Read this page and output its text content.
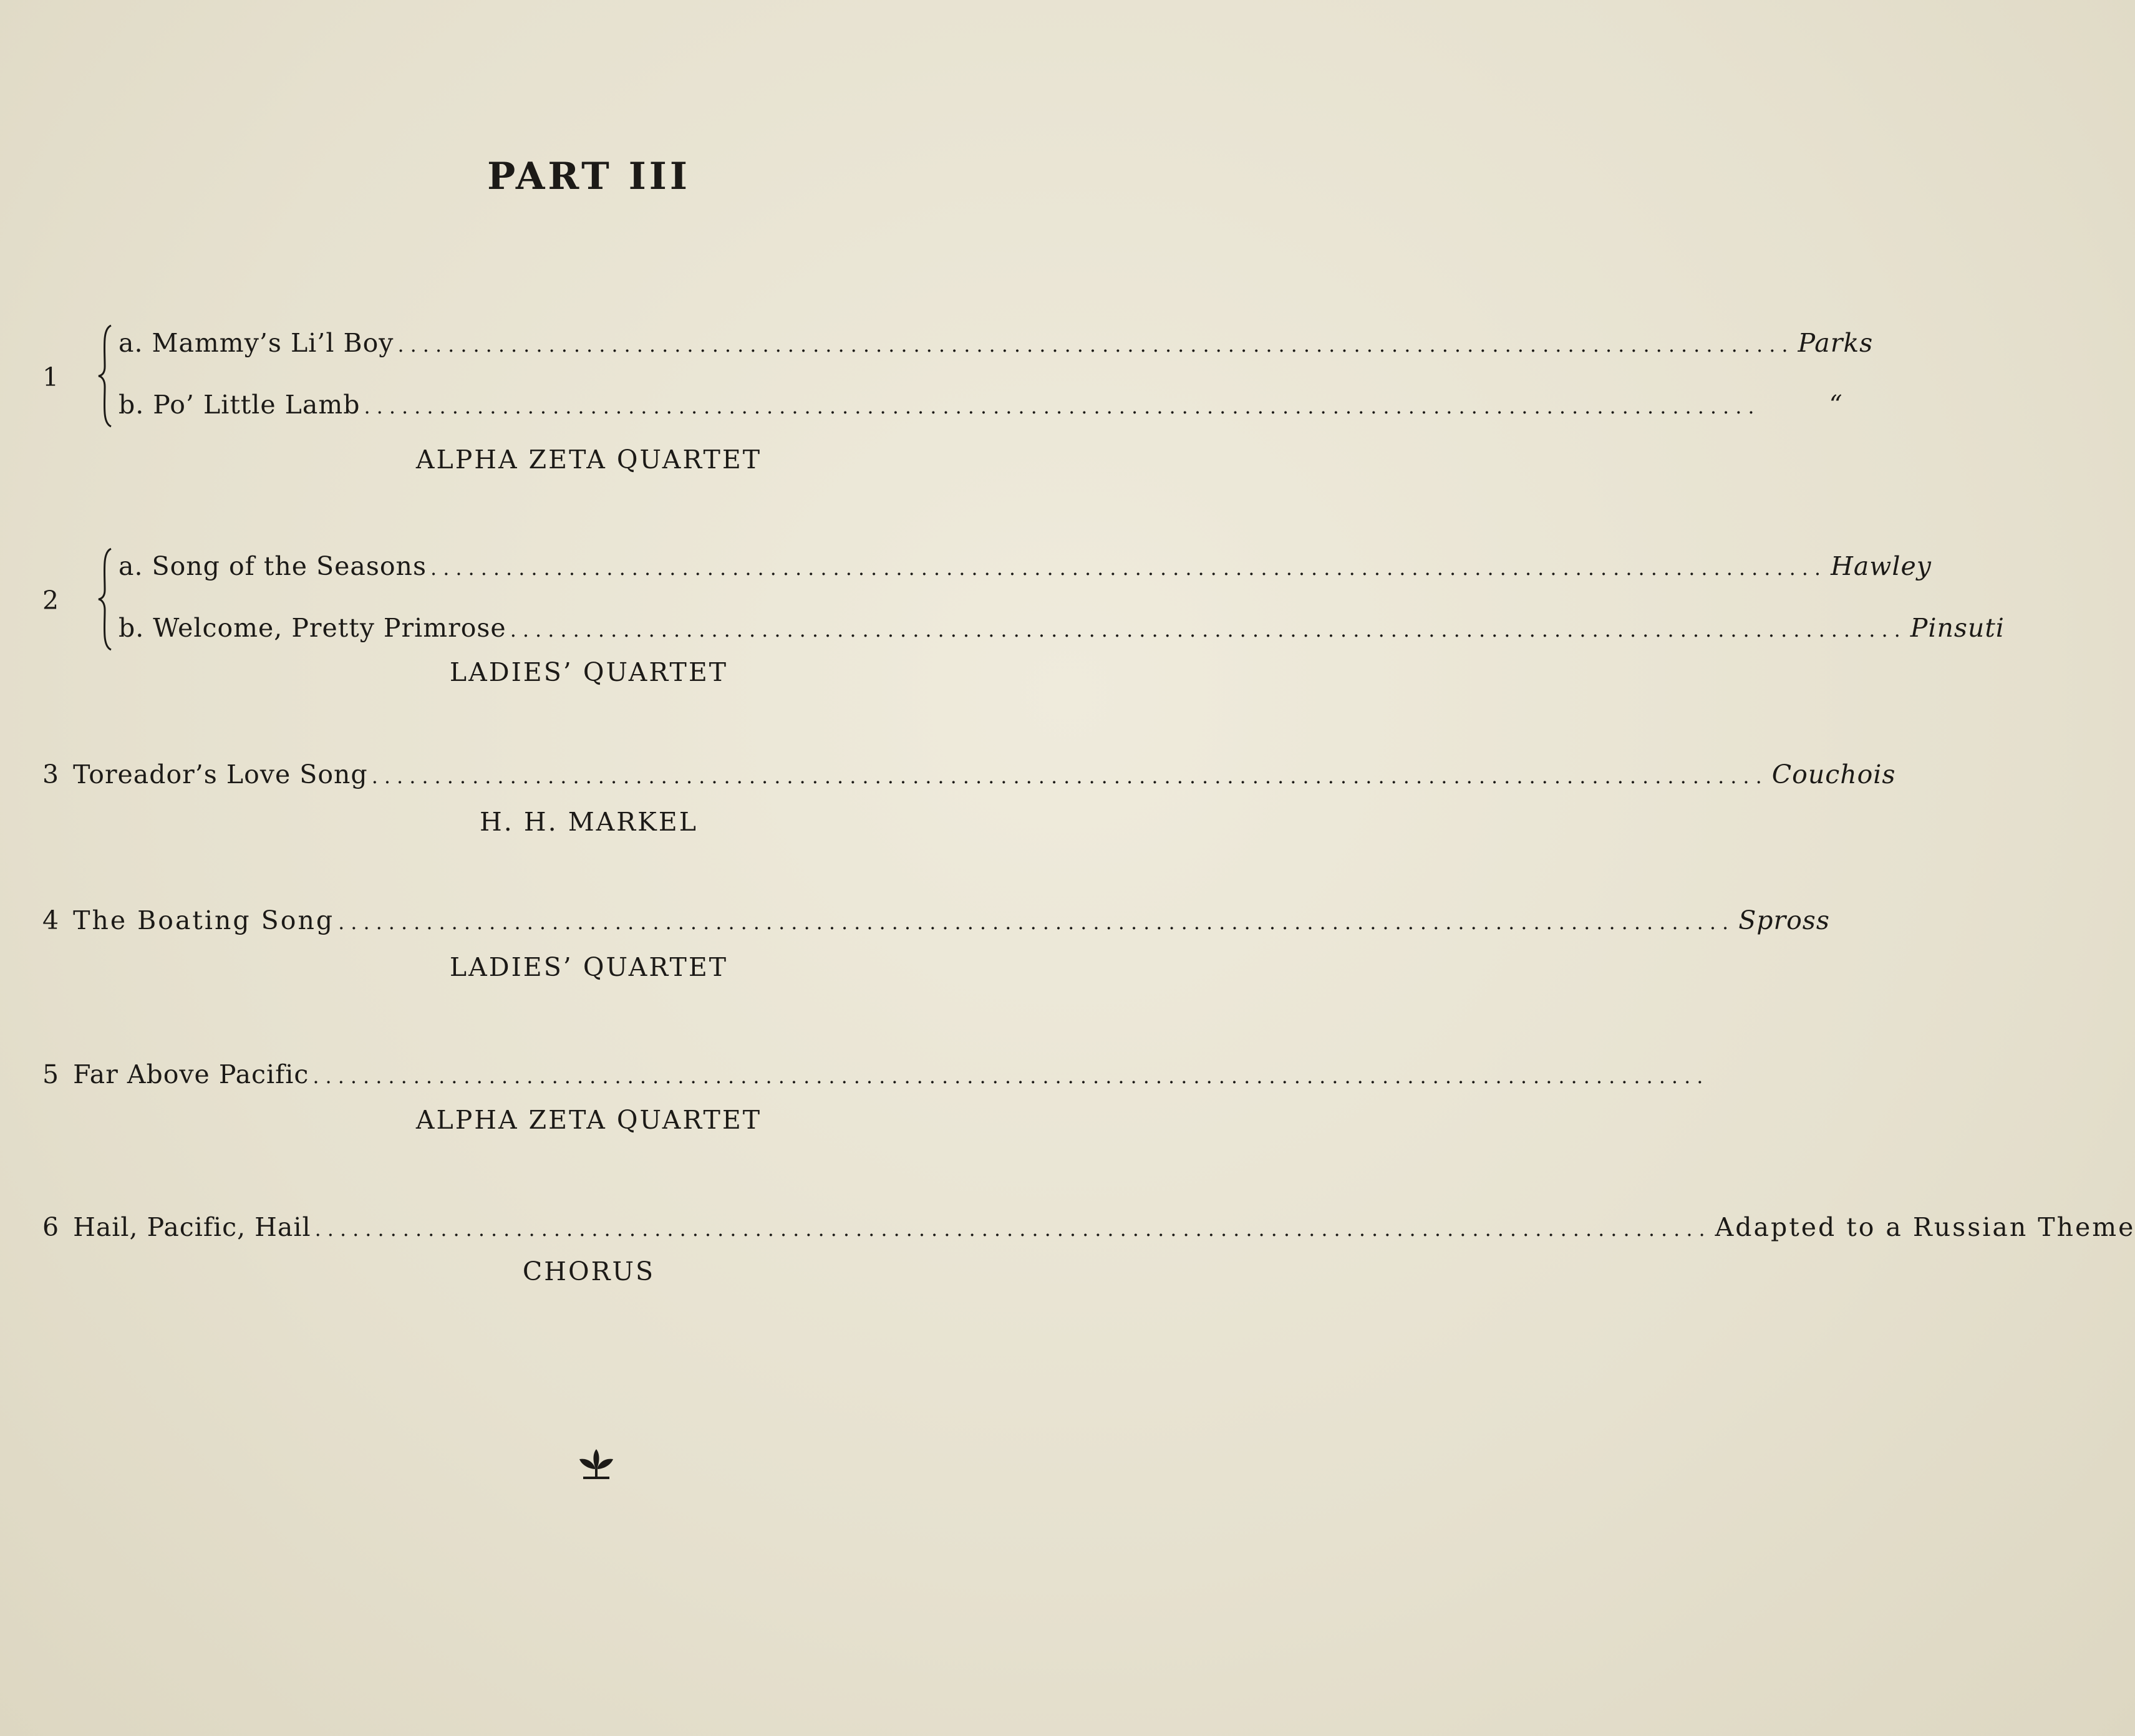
PART III
1
a. Mammy’s Li’l Boy ............................................................................................................... Parks
b. Po’ Little Lamb ...............................................................................................................	“
ALPHA ZETA QUARTET
2
a. Song of the Seasons ............................................................................................................... Hawley
b. Welcome, Pretty Primrose ............................................................................................................... Pinsuti
LADIES’ QUARTET
3 Toreador’s Love Song ............................................................................................................... Couchois
H. H. MARKEL
4 The Boating Song ............................................................................................................... Spross
LADIES’ QUARTET
5 Far Above Pacific ...............................................................................................................
ALPHA ZETA QUARTET
6 Hail, Pacific, Hail ............................................................................................................... Adapted to a Russian Theme
CHORUS
